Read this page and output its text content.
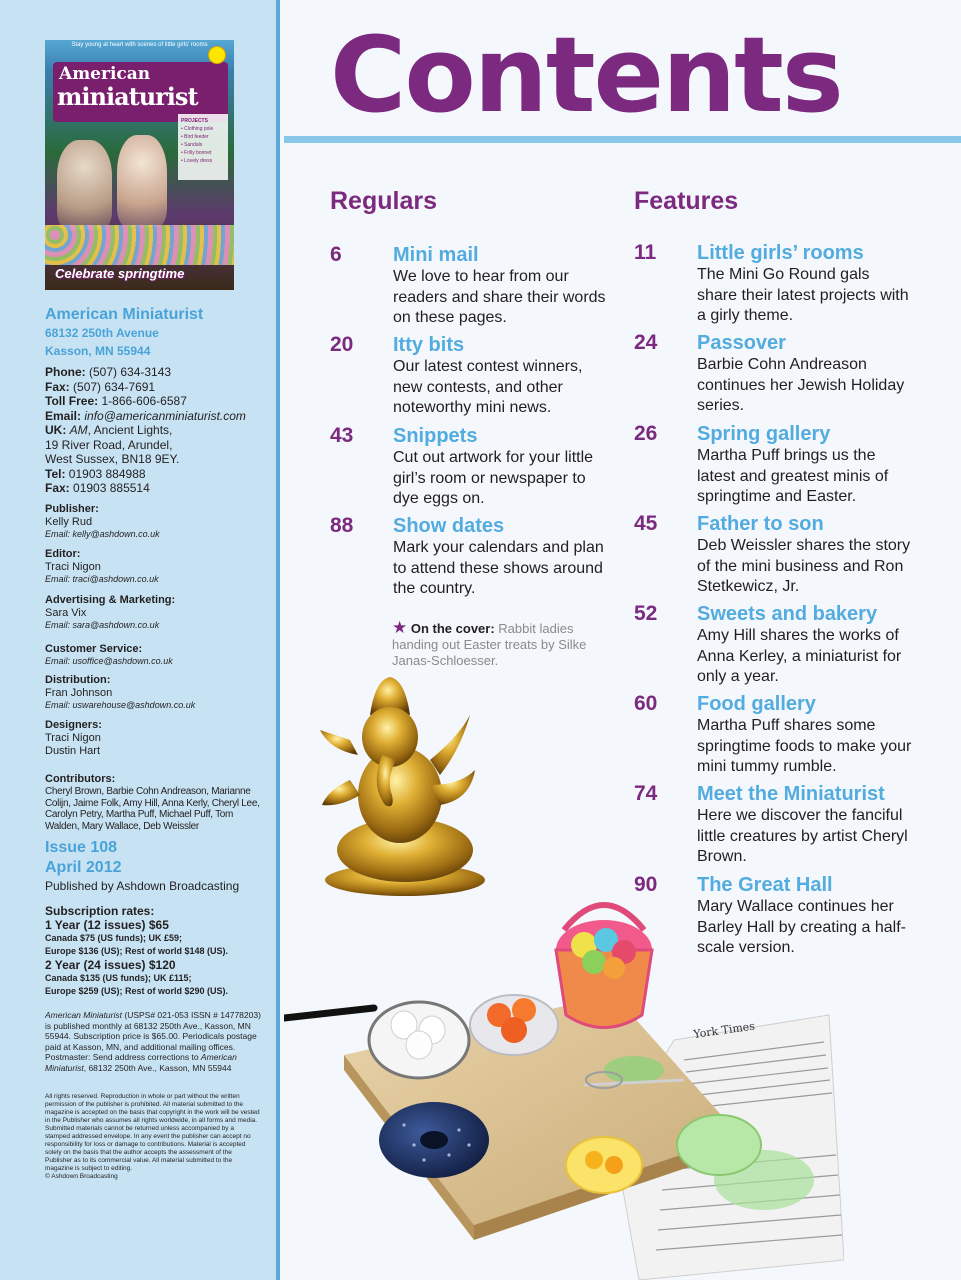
Stay young at heart with scenes of little girls' rooms
American
miniaturist
PROJECTS
• Clothing pole
• Bird feeder
• Sandals
• Frilly bonnet
• Lovely dress
Celebrate springtime
American Miniaturist
68132 250th Avenue
Kasson, MN 55944
Phone: (507) 634-3143
Fax: (507) 634-7691
Toll Free: 1-866-606-6587
Email: info@americanminiaturist.com
UK: AM, Ancient Lights,
19 River Road, Arundel,
West Sussex, BN18 9EY.
Tel: 01903 884988
Fax: 01903 885514
Publisher:
Kelly Rud
Email: kelly@ashdown.co.uk
Editor:
Traci Nigon
Email: traci@ashdown.co.uk
Advertising & Marketing:
Sara Vix
Email: sara@ashdown.co.uk
Customer Service:
Email: usoffice@ashdown.co.uk
Distribution:
Fran Johnson
Email: uswarehouse@ashdown.co.uk
Designers:
Traci Nigon
Dustin Hart
Contributors:
Cheryl Brown, Barbie Cohn Andreason, Marianne Colijn, Jaime Folk, Amy Hill, Anna Kerly, Cheryl Lee, Carolyn Petry, Martha Puff, Michael Puff, Tom Walden, Mary Wallace, Deb Weissler
Issue 108
April 2012
Published by Ashdown Broadcasting
Subscription rates:
1 Year (12 issues) $65
Canada $75 (US funds); UK £59;
Europe $136 (US); Rest of world $148 (US).
2 Year (24 issues) $120
Canada $135 (US funds); UK £115;
Europe $259 (US); Rest of world $290 (US).
American Miniaturist (USPS# 021-053 ISSN # 14778203) is published monthly at 68132 250th Ave., Kasson, MN 55944. Subscription price is $65.00. Periodicals postage paid at Kasson, MN, and additional mailing offices. Postmaster: Send address corrections to American Miniaturist, 68132 250th Ave., Kasson, MN 55944
All rights reserved. Reproduction in whole or part without the written permission of the publisher is prohibited. All material submitted to the magazine is accepted on the basis that copyright in the work will be vested in the Publisher who assumes all rights worldwide, in all forms and media. Submitted materials cannot be returned unless accompanied by a stamped addressed envelope. In any event the publisher can accept no responsibility for loss or damage to contributions. Material is accepted solely on the basis that the author accepts the assessment of the Publisher as to its commercial value. All material submitted to the magazine is subject to editing.
© Ashdown Broadcasting
Contents
Regulars	Features
6	Mini mail
We love to hear from our readers and share their words on these pages.
20 Itty bits
Our latest contest winners, new contests, and other noteworthy mini news.
43 Snippets
Cut out artwork for your little girl’s room or newspaper to dye eggs on.
88 Show dates
Mark your calendars and plan to attend these shows around the country.
★ On the cover: Rabbit ladies handing out Easter treats by Silke Janas-Schloesser.
11 Little girls’ rooms
The Mini Go Round gals share their latest projects with a girly theme.
24 Passover
Barbie Cohn Andreason continues her Jewish Holiday series.
26 Spring gallery
Martha Puff brings us the latest and greatest minis of springtime and Easter.
45 Father to son
Deb Weissler shares the story of the mini business and Ron Stetkewicz, Jr.
52 Sweets and bakery
Amy Hill shares the works of Anna Kerley, a miniaturist for only a year.
60 Food gallery
Martha Puff shares some springtime foods to make your mini tummy rumble.
74 Meet the Miniaturist
Here we discover the fanciful little creatures by artist Cheryl Brown.
90 The Great Hall
Mary Wallace continues her Barley Hall by creating a half-scale version.
York Times
